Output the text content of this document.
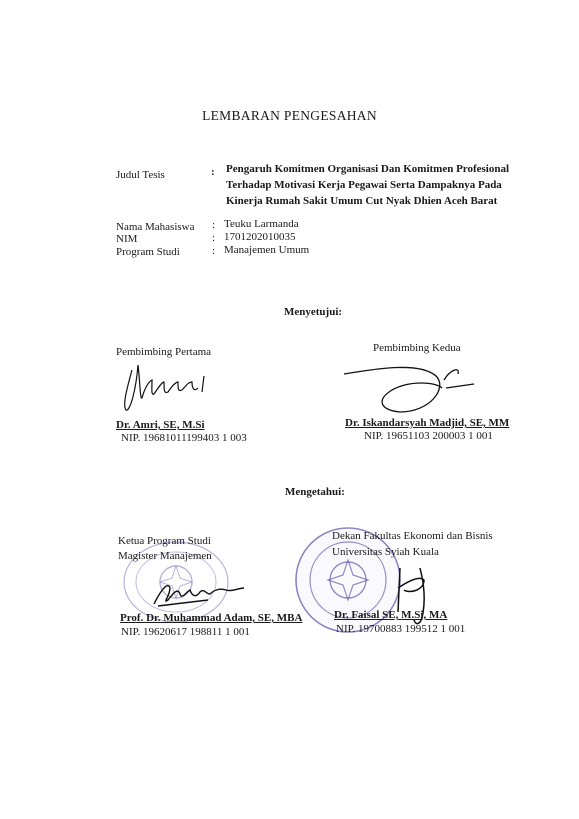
LEMBARAN PENGESAHAN
Judul Tesis	: Pengaruh Komitmen Organisasi Dan Komitmen Profesional Terhadap Motivasi Kerja Pegawai Serta Dampaknya Pada Kinerja Rumah Sakit Umum Cut Nyak Dhien Aceh Barat
Nama Mahasiswa : Teuku Larmanda
NIM	: 1701202010035
Program Studi	: Manajemen Umum
Menyetujui:
Pembimbing Pertama	Pembimbing Kedua
Dr. Amri, SE, M.Si
NIP. 19681011199403 1 003
Dr. Iskandarsyah Madjid, SE, MM
NIP. 19651103 200003 1 001
Mengetahui:
Ketua Program Studi
Magister Manajemen
Dekan Fakultas Ekonomi dan Bisnis
Universitas Syiah Kuala
Prof. Dr. Muhammad Adam, SE, MBA
NIP. 19620617 198811 1 001
Dr. Faisal SE, M.Si, MA
NIP. 19700883 199512 1 001
